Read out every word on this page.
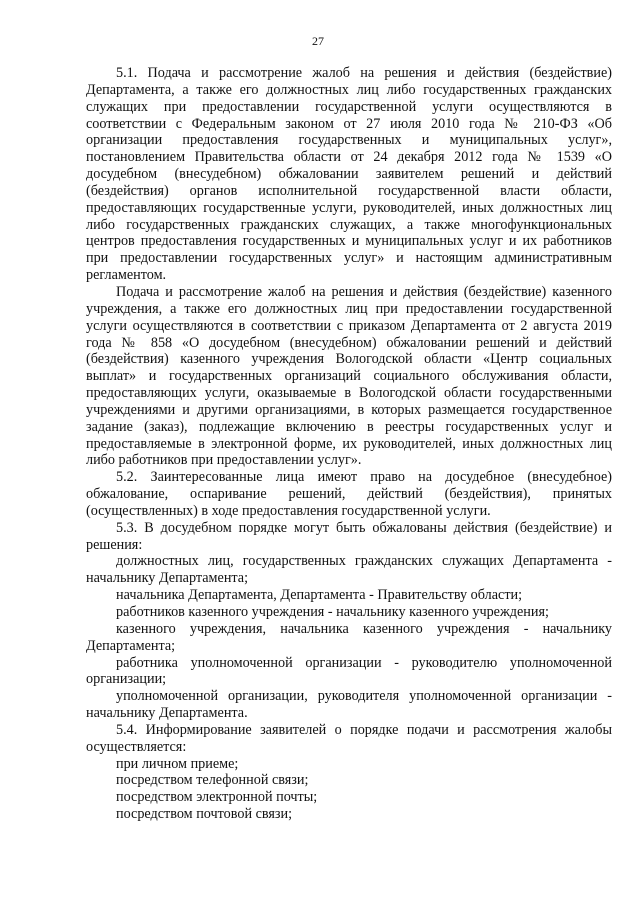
27

5.1. Подача и рассмотрение жалоб на решения и действия (бездействие) Департамента, а также его должностных лиц либо государственных гражданских служащих при предоставлении государственной услуги осуществляются в соответствии с Федеральным законом от 27 июля 2010 года № 210-ФЗ «Об организации предоставления государственных и муниципальных услуг», постановлением Правительства области от 24 декабря 2012 года № 1539 «О досудебном (внесудебном) обжаловании заявителем решений и действий (бездействия) органов исполнительной государственной власти области, предоставляющих государственные услуги, руководителей, иных должностных лиц либо государственных гражданских служащих, а также многофункциональных центров предоставления государственных и муниципальных услуг и их работников при предоставлении государственных услуг» и настоящим административным регламентом.

Подача и рассмотрение жалоб на решения и действия (бездействие) казенного учреждения, а также его должностных лиц при предоставлении государственной услуги осуществляются в соответствии с приказом Департамента от 2 августа 2019 года № 858 «О досудебном (внесудебном) обжаловании решений и действий (бездействия) казенного учреждения Вологодской области «Центр социальных выплат» и государственных организаций социального обслуживания области, предоставляющих услуги, оказываемые в Вологодской области государственными учреждениями и другими организациями, в которых размещается государственное задание (заказ), подлежащие включению в реестры государственных услуг и предоставляемые в электронной форме, их руководителей, иных должностных лиц либо работников при предоставлении услуг».

5.2. Заинтересованные лица имеют право на досудебное (внесудебное) обжалование, оспаривание решений, действий (бездействия), принятых (осуществленных) в ходе предоставления государственной услуги.

5.3. В досудебном порядке могут быть обжалованы действия (бездействие) и решения:

должностных лиц, государственных гражданских служащих Департамента - начальнику Департамента;

начальника Департамента, Департамента - Правительству области;

работников казенного учреждения - начальнику казенного учреждения;

казенного учреждения, начальника казенного учреждения - начальнику Департамента;

работника уполномоченной организации - руководителю уполномоченной организации;

уполномоченной организации, руководителя уполномоченной организации - начальнику Департамента.

5.4. Информирование заявителей о порядке подачи и рассмотрения жалобы осуществляется:

при личном приеме;

посредством телефонной связи;

посредством электронной почты;

посредством почтовой связи;
